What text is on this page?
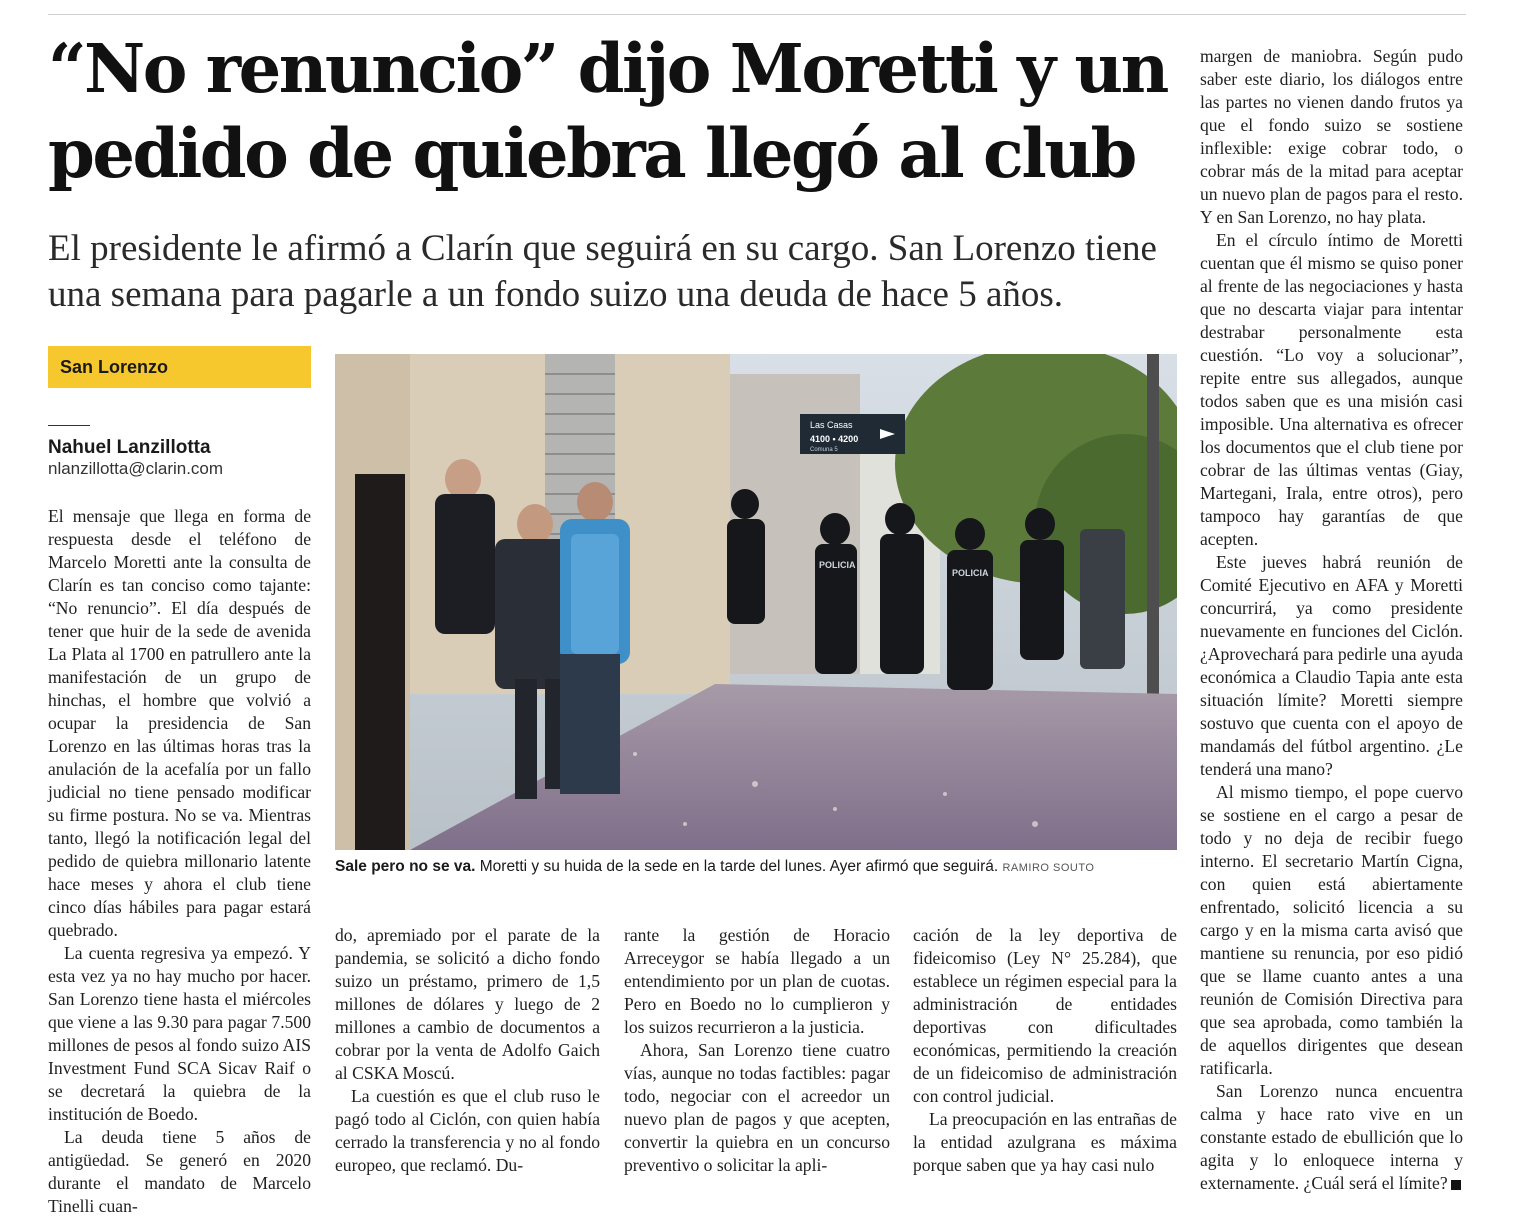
“No renuncio” dijo Moretti y un pedido de quiebra llegó al club

El presidente le afirmó a Clarín que seguirá en su cargo. San Lorenzo tiene una semana para pagarle a un fondo suizo una deuda de hace 5 años.

San Lorenzo

Nahuel Lanzillotta

nlanzillotta@clarin.com

El mensaje que llega en forma de respuesta desde el teléfono de Marcelo Moretti ante la consulta de Clarín es tan conciso como tajante: “No renuncio”. El día después de tener que huir de la sede de avenida La Plata al 1700 en patrullero ante la manifestación de un grupo de hinchas, el hombre que volvió a ocupar la presidencia de San Lorenzo en las últimas horas tras la anulación de la acefalía por un fallo judicial no tiene pensado modificar su firme postura. No se va. Mientras tanto, llegó la notificación legal del pedido de quiebra millonario latente hace meses y ahora el club tiene cinco días hábiles para pagar estará quebrado.

La cuenta regresiva ya empezó. Y esta vez ya no hay mucho por hacer. San Lorenzo tiene hasta el miércoles que viene a las 9.30 para pagar 7.500 millones de pesos al fondo suizo AIS Investment Fund SCA Sicav Raif o se decretará la quiebra de la institución de Boedo.

La deuda tiene 5 años de antigüedad. Se generó en 2020 durante el mandato de Marcelo Tinelli cuan-

Las Casas
4100 • 4200
Comuna 5
POLICIA
POLICIA

Sale pero no se va. Moretti y su huida de la sede en la tarde del lunes. Ayer afirmó que seguirá. RAMIRO SOUTO

do, apremiado por el parate de la pandemia, se solicitó a dicho fondo suizo un préstamo, primero de 1,5 millones de dólares y luego de 2 millones a cambio de documentos a cobrar por la venta de Adolfo Gaich al CSKA Moscú.

La cuestión es que el club ruso le pagó todo al Ciclón, con quien había cerrado la transferencia y no al fondo europeo, que reclamó. Du-

rante la gestión de Horacio Arreceygor se había llegado a un entendimiento por un plan de cuotas. Pero en Boedo no lo cumplieron y los suizos recurrieron a la justicia.

Ahora, San Lorenzo tiene cuatro vías, aunque no todas factibles: pagar todo, negociar con el acreedor un nuevo plan de pagos y que acepten, convertir la quiebra en un concurso preventivo o solicitar la apli-

cación de la ley deportiva de fideicomiso (Ley N° 25.284), que establece un régimen especial para la administración de entidades deportivas con dificultades económicas, permitiendo la creación de un fideicomiso de administración con control judicial.

La preocupación en las entrañas de la entidad azulgrana es máxima porque saben que ya hay casi nulo

margen de maniobra. Según pudo saber este diario, los diálogos entre las partes no vienen dando frutos ya que el fondo suizo se sostiene inflexible: exige cobrar todo, o cobrar más de la mitad para aceptar un nuevo plan de pagos para el resto. Y en San Lorenzo, no hay plata.

En el círculo íntimo de Moretti cuentan que él mismo se quiso poner al frente de las negociaciones y hasta que no descarta viajar para intentar destrabar personalmente esta cuestión. “Lo voy a solucionar”, repite entre sus allegados, aunque todos saben que es una misión casi imposible. Una alternativa es ofrecer los documentos que el club tiene por cobrar de las últimas ventas (Giay, Martegani, Irala, entre otros), pero tampoco hay garantías de que acepten.

Este jueves habrá reunión de Comité Ejecutivo en AFA y Moretti concurrirá, ya como presidente nuevamente en funciones del Ciclón. ¿Aprovechará para pedirle una ayuda económica a Claudio Tapia ante esta situación límite? Moretti siempre sostuvo que cuenta con el apoyo de mandamás del fútbol argentino. ¿Le tenderá una mano?

Al mismo tiempo, el pope cuervo se sostiene en el cargo a pesar de todo y no deja de recibir fuego interno. El secretario Martín Cigna, con quien está abiertamente enfrentado, solicitó licencia a su cargo y en la misma carta avisó que mantiene su renuncia, por eso pidió que se llame cuanto antes a una reunión de Comisión Directiva para que sea aprobada, como también la de aquellos dirigentes que desean ratificarla.

San Lorenzo nunca encuentra calma y hace rato vive en un constante estado de ebullición que lo agita y lo enloquece interna y externamente. ¿Cuál será el límite?
